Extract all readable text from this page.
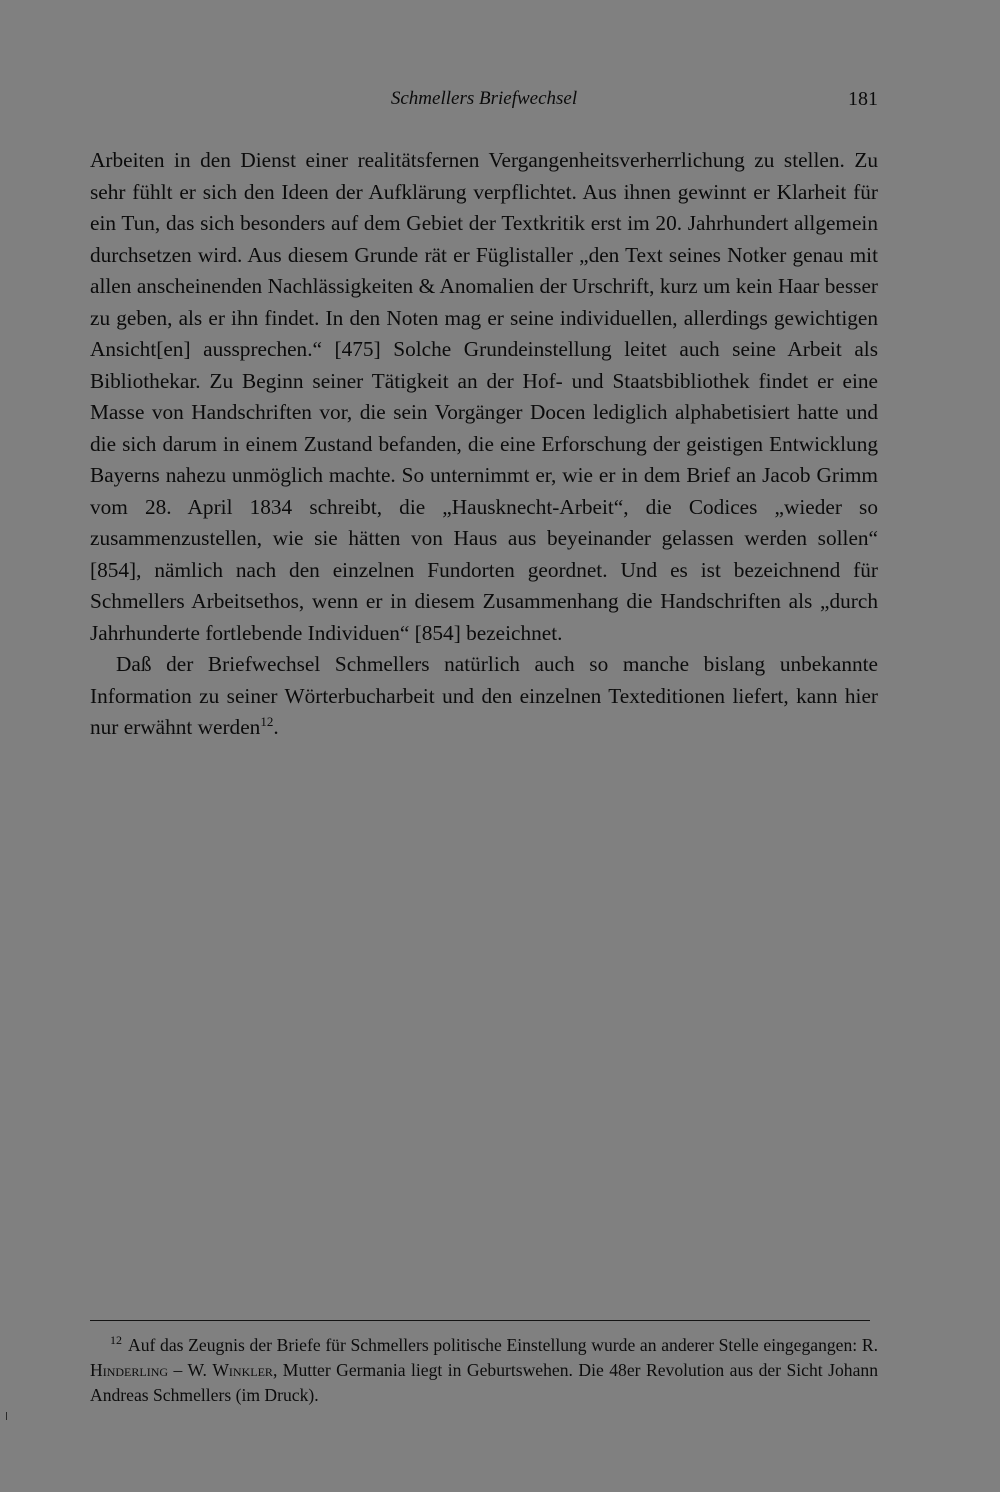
Schmellers Briefwechsel	181

Arbeiten in den Dienst einer realitätsfernen Vergangenheitsverherrlichung zu stellen. Zu sehr fühlt er sich den Ideen der Aufklärung verpflichtet. Aus ihnen gewinnt er Klarheit für ein Tun, das sich besonders auf dem Gebiet der Textkritik erst im 20. Jahrhundert allgemein durchsetzen wird. Aus diesem Grunde rät er Füglistaller „den Text seines Notker genau mit allen anscheinenden Nachlässigkeiten & Anomalien der Urschrift, kurz um kein Haar besser zu geben, als er ihn findet. In den Noten mag er seine individuellen, allerdings gewichtigen Ansicht[en] aussprechen.“ [475] Solche Grundeinstellung leitet auch seine Arbeit als Bibliothekar. Zu Beginn seiner Tätigkeit an der Hof- und Staatsbibliothek findet er eine Masse von Handschriften vor, die sein Vorgänger Docen lediglich alphabetisiert hatte und die sich darum in einem Zustand befanden, die eine Erforschung der geistigen Entwicklung Bayerns nahezu unmöglich machte. So unternimmt er, wie er in dem Brief an Jacob Grimm vom 28. April 1834 schreibt, die „Hausknecht-Arbeit“, die Codices „wieder so zusammenzustellen, wie sie hätten von Haus aus beyeinander gelassen werden sollen“ [854], nämlich nach den einzelnen Fundorten geordnet. Und es ist bezeichnend für Schmellers Arbeitsethos, wenn er in diesem Zusammenhang die Handschriften als „durch Jahrhunderte fortlebende Individuen“ [854] bezeichnet.

Daß der Briefwechsel Schmellers natürlich auch so manche bislang unbekannte Information zu seiner Wörterbucharbeit und den einzelnen Texteditionen liefert, kann hier nur erwähnt werden$^{12}$.

$^{12}$ Auf das Zeugnis der Briefe für Schmellers politische Einstellung wurde an anderer Stelle eingegangen: R. Hinderling – W. Winkler, Mutter Germania liegt in Geburtswehen. Die 48er Revolution aus der Sicht Johann Andreas Schmellers (im Druck).
